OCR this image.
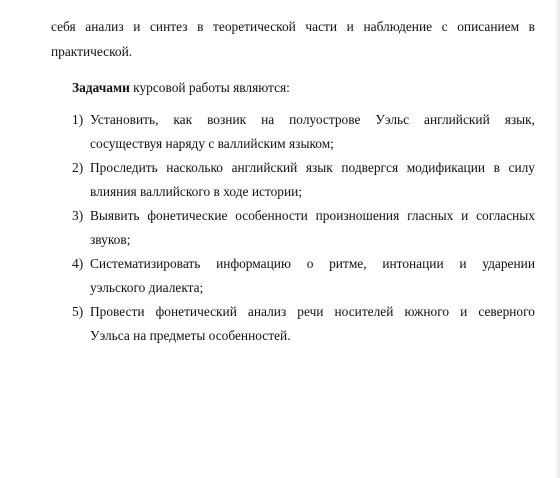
себя анализ и синтез в теоретической части и наблюдение с описанием в
практической.
Задачами курсовой работы являются:
1) Установить, как возник на полуострове Уэльс английский язык,
сосуществуя наряду с валлийским языком;
2) Проследить насколько английский язык подвергся модификации в силу
влияния валлийского в ходе истории;
3) Выявить фонетические особенности произношения гласных и согласных
звуков;
4) Систематизировать информацию о ритме, интонации и ударении
уэльского диалекта;
5) Провести фонетический анализ речи носителей южного и северного
Уэльса на предметы особенностей.
